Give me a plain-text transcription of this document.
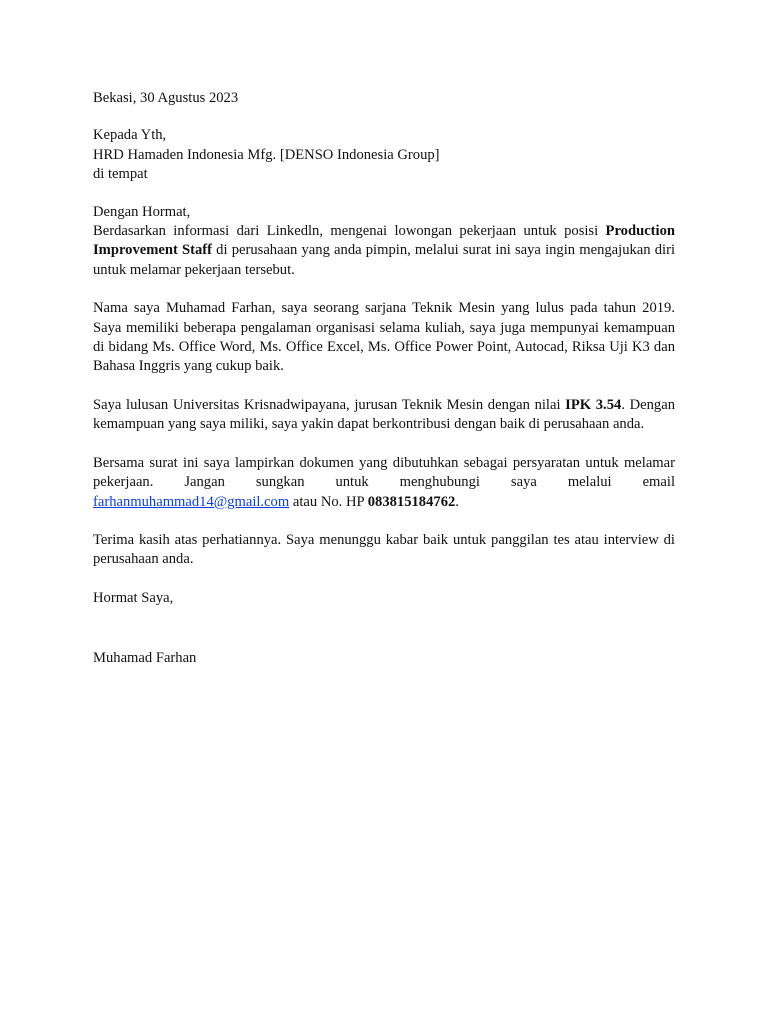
Bekasi, 30 Agustus 2023
Kepada Yth,
HRD Hamaden Indonesia Mfg. [DENSO Indonesia Group]
di tempat
Dengan Hormat,

Berdasarkan informasi dari Linkedln, mengenai lowongan pekerjaan untuk posisi Production Improvement Staff di perusahaan yang anda pimpin, melalui surat ini saya ingin mengajukan diri untuk melamar pekerjaan tersebut.

Nama saya Muhamad Farhan, saya seorang sarjana Teknik Mesin yang lulus pada tahun 2019. Saya memiliki beberapa pengalaman organisasi selama kuliah, saya juga mempunyai kemampuan di bidang Ms. Office Word, Ms. Office Excel, Ms. Office Power Point, Autocad, Riksa Uji K3 dan Bahasa Inggris yang cukup baik.

Saya lulusan Universitas Krisnadwipayana, jurusan Teknik Mesin dengan nilai IPK 3.54. Dengan kemampuan yang saya miliki, saya yakin dapat berkontribusi dengan baik di perusahaan anda.

Bersama surat ini saya lampirkan dokumen yang dibutuhkan sebagai persyaratan untuk melamar pekerjaan. Jangan sungkan untuk menghubungi saya melalui email farhanmuhammad14@gmail.com atau No. HP 083815184762.

Terima kasih atas perhatiannya. Saya menunggu kabar baik untuk panggilan tes atau interview di perusahaan anda.

Hormat Saya,
Muhamad Farhan
